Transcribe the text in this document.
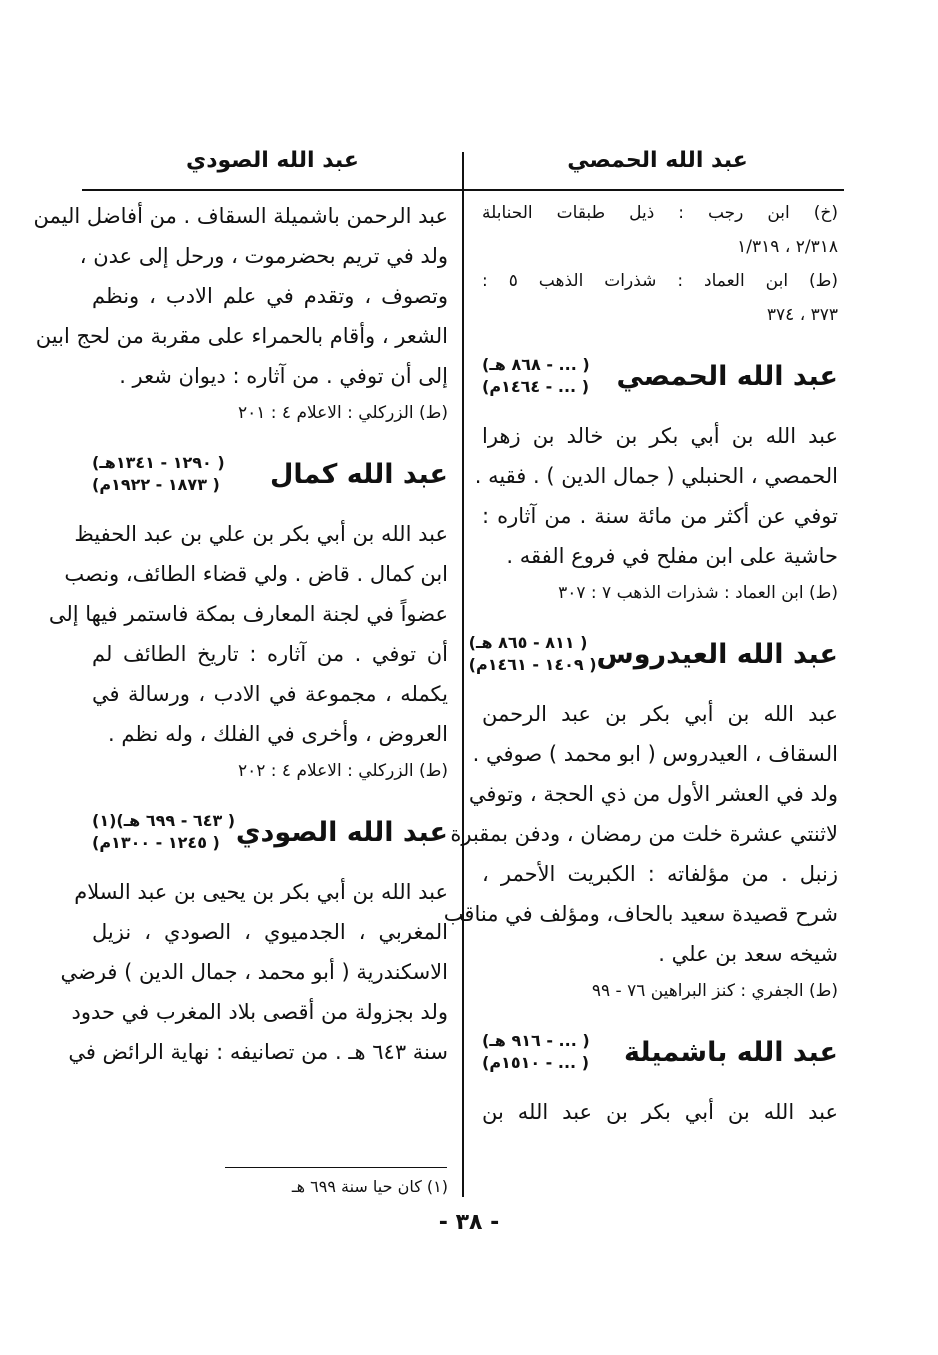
عبد الله الحمصي
عبد الله الصودي
(خ) ابن رجب : ذيل طبقات الحنابلة
٢/٣١٨ ، ١/٣١٩
(ط) ابن العماد : شذرات الذهب ٥ :
٣٧٣ ، ٣٧٤
عبد الله الحمصي
( ... - ٨٦٨ هـ)
( ... - ١٤٦٤م)
عبد الله بن أبي بكر بن خالد بن زهرا
الحمصي ، الحنبلي ( جمال الدين ) . فقيه .
توفي عن أكثر من مائة سنة . من آثاره :
حاشية على ابن مفلح في فروع الفقه .
(ط) ابن العماد : شذرات الذهب ٧ : ٣٠٧
عبد الله العيدروس
( ٨١١ - ٨٦٥ هـ)
( ١٤٠٩ - ١٤٦١م)
عبد الله بن أبي بكر بن عبد الرحمن
السقاف ، العيدروس ( ابو محمد ) صوفي .
ولد في العشر الأول من ذي الحجة ، وتوفي
لاثنتي عشرة خلت من رمضان ، ودفن بمقبرة
زنبل . من مؤلفاته : الكبريت الأحمر ،
شرح قصيدة سعيد بالحاف، ومؤلف في مناقب
شيخه سعد بن علي .
(ط) الجفري : كنز البراهين ٧٦ - ٩٩
عبد الله باشميلة
( ... - ٩١٦ هـ)
( ... - ١٥١٠م)
عبد الله بن أبي بكر بن عبد الله بن
عبد الرحمن باشميلة السقاف . من أفاضل اليمن
ولد في تريم بحضرموت ، ورحل إلى عدن ،
وتصوف ، وتقدم في علم الادب ، ونظم
الشعر ، وأقام بالحمراء على مقربة من لحج ابين
إلى أن توفي . من آثاره : ديوان شعر .
(ط) الزركلي : الاعلام ٤ : ٢٠١
عبد الله كمال
( ١٢٩٠ - ١٣٤١هـ)
( ١٨٧٣ - ١٩٢٢م)
عبد الله بن أبي بكر بن علي بن عبد الحفيظ
ابن كمال . قاض . ولي قضاء الطائف، ونصب
عضواً في لجنة المعارف بمكة فاستمر فيها إلى
أن توفي . من آثاره : تاريخ الطائف لم
يكمله ، مجموعة في الادب ، ورسالة في
العروض ، وأخرى في الفلك ، وله نظم .
(ط) الزركلي : الاعلام ٤ : ٢٠٢
عبد الله الصودي
( ٦٤٣ - ٦٩٩ هـ)(١)
( ١٢٤٥ - ١٣٠٠م)
عبد الله بن أبي بكر بن يحيى بن عبد السلام
المغربي ، الجدميوي ، الصودي ، نزيل
الاسكندرية ( أبو محمد ، جمال الدين ) فرضي
ولد بجزولة من أقصى بلاد المغرب في حدود
سنة ٦٤٣ هـ . من تصانيفه : نهاية الرائض في
(١) كان حيا سنة ٦٩٩ هـ
- ٣٨ -
